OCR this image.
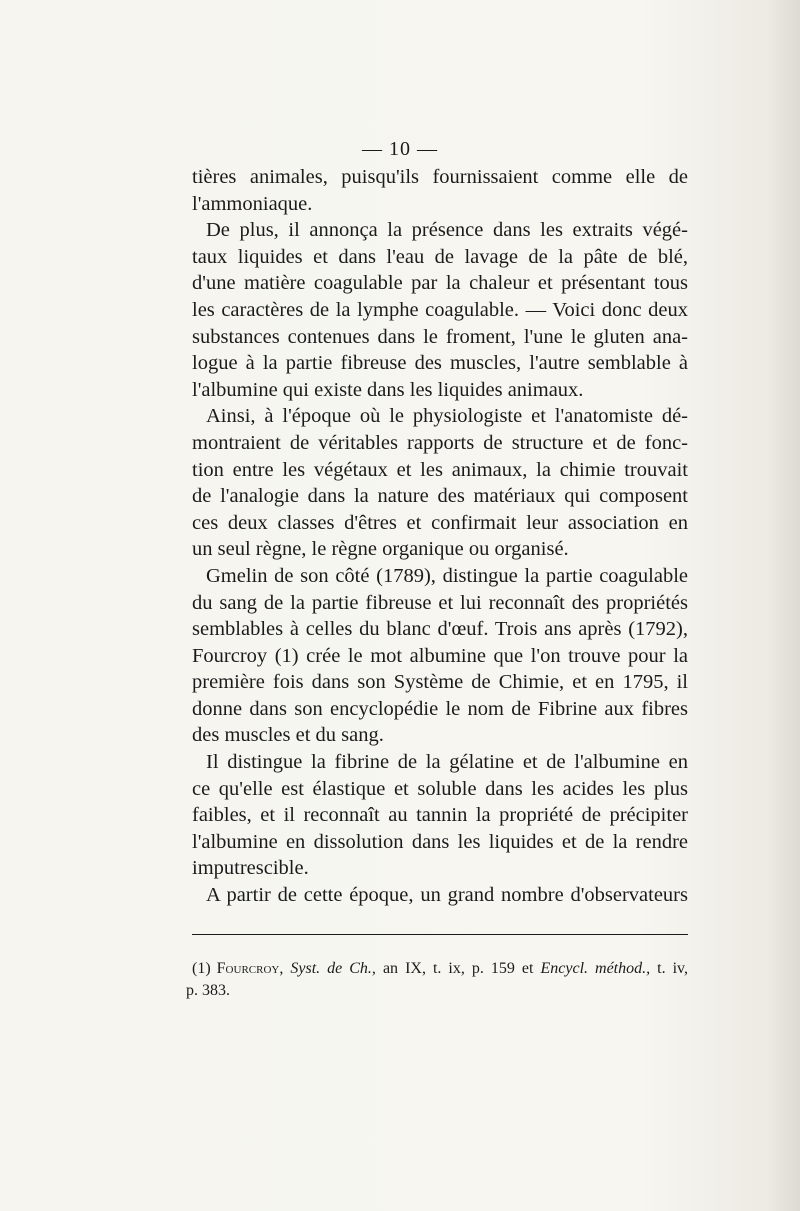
— 10 —
tières animales, puisqu'ils fournissaient comme elle de
l'ammoniaque.
De plus, il annonça la présence dans les extraits végé-
taux liquides et dans l'eau de lavage de la pâte de blé,
d'une matière coagulable par la chaleur et présentant tous
les caractères de la lymphe coagulable. — Voici donc deux
substances contenues dans le froment, l'une le gluten ana-
logue à la partie fibreuse des muscles, l'autre semblable à
l'albumine qui existe dans les liquides animaux.
Ainsi, à l'époque où le physiologiste et l'anatomiste dé-
montraient de véritables rapports de structure et de fonc-
tion entre les végétaux et les animaux, la chimie trouvait
de l'analogie dans la nature des matériaux qui composent
ces deux classes d'êtres et confirmait leur association en
un seul règne, le règne organique ou organisé.
Gmelin de son côté (1789), distingue la partie coagulable
du sang de la partie fibreuse et lui reconnaît des propriétés
semblables à celles du blanc d'œuf. Trois ans après (1792),
Fourcroy (1) crée le mot albumine que l'on trouve pour la
première fois dans son Système de Chimie, et en 1795, il
donne dans son encyclopédie le nom de Fibrine aux fibres
des muscles et du sang.
Il distingue la fibrine de la gélatine et de l'albumine en
ce qu'elle est élastique et soluble dans les acides les plus
faibles, et il reconnaît au tannin la propriété de précipiter
l'albumine en dissolution dans les liquides et de la rendre
imputrescible.
A partir de cette époque, un grand nombre d'observateurs
(1) Fourcroy, Syst. de Ch., an IX, t. ix, p. 159 et Encycl. méthod., t. iv,
p. 383.
